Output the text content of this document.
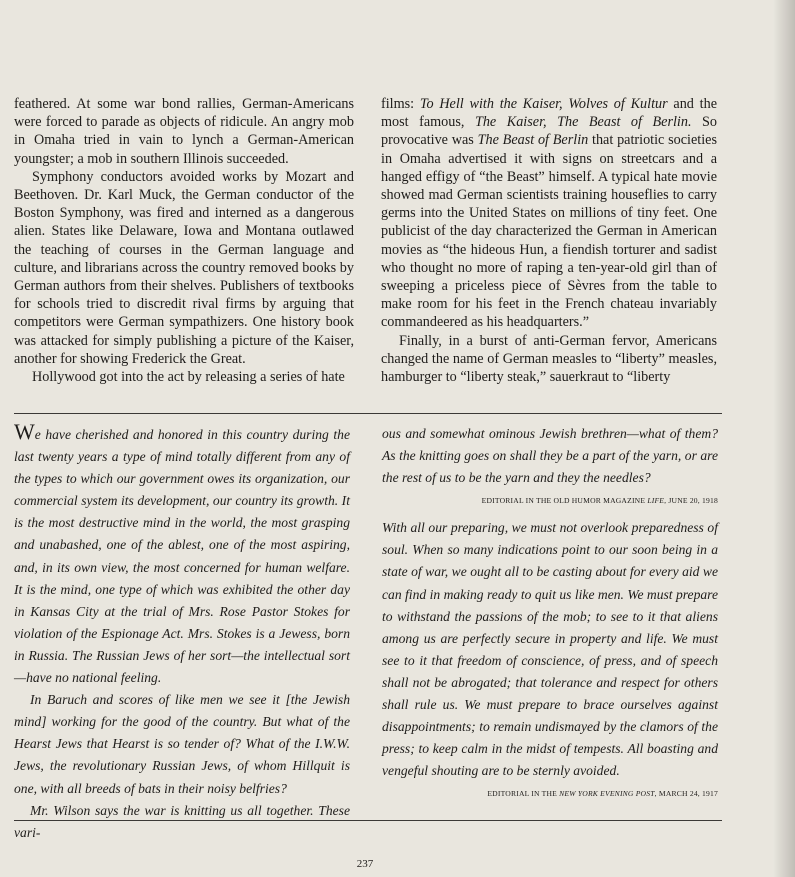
feathered. At some war bond rallies, German-Americans were forced to parade as objects of ridicule. An angry mob in Omaha tried in vain to lynch a German-American youngster; a mob in southern Illinois succeeded.

Symphony conductors avoided works by Mozart and Beethoven. Dr. Karl Muck, the German conductor of the Boston Symphony, was fired and interned as a dangerous alien. States like Delaware, Iowa and Montana outlawed the teaching of courses in the German language and culture, and librarians across the country removed books by German authors from their shelves. Publishers of textbooks for schools tried to discredit rival firms by arguing that competitors were German sympathizers. One history book was attacked for simply publishing a picture of the Kaiser, another for showing Frederick the Great.

Hollywood got into the act by releasing a series of hate

films: To Hell with the Kaiser, Wolves of Kultur and the most famous, The Kaiser, The Beast of Berlin. So provocative was The Beast of Berlin that patriotic societies in Omaha advertised it with signs on streetcars and a hanged effigy of “the Beast” himself. A typical hate movie showed mad German scientists training houseflies to carry germs into the United States on millions of tiny feet. One publicist of the day characterized the German in American movies as “the hideous Hun, a fiendish torturer and sadist who thought no more of raping a ten-year-old girl than of sweeping a priceless piece of Sèvres from the table to make room for his feet in the French chateau invariably commandeered as his headquarters.”

Finally, in a burst of anti-German fervor, Americans changed the name of German measles to “liberty” measles, hamburger to “liberty steak,” sauerkraut to “liberty

We have cherished and honored in this country during the last twenty years a type of mind totally different from any of the types to which our government owes its organization, our commercial system its development, our country its growth. It is the most destructive mind in the world, the most grasping and unabashed, one of the ablest, one of the most aspiring, and, in its own view, the most concerned for human welfare. It is the mind, one type of which was exhibited the other day in Kansas City at the trial of Mrs. Rose Pastor Stokes for violation of the Espionage Act. Mrs. Stokes is a Jewess, born in Russia. The Russian Jews of her sort—the intellectual sort—have no national feeling.

In Baruch and scores of like men we see it [the Jewish mind] working for the good of the country. But what of the Hearst Jews that Hearst is so tender of? What of the I.W.W. Jews, the revolutionary Russian Jews, of whom Hillquit is one, with all breeds of bats in their noisy belfries?

Mr. Wilson says the war is knitting us all together. These vari-

ous and somewhat ominous Jewish brethren—what of them? As the knitting goes on shall they be a part of the yarn, or are the rest of us to be the yarn and they the needles?

EDITORIAL IN THE OLD HUMOR MAGAZINE LIFE, JUNE 20, 1918

With all our preparing, we must not overlook preparedness of soul. When so many indications point to our soon being in a state of war, we ought all to be casting about for every aid we can find in making ready to quit us like men. We must prepare to withstand the passions of the mob; to see to it that aliens among us are perfectly secure in property and life. We must see to it that freedom of conscience, of press, and of speech shall not be abrogated; that tolerance and respect for others shall rule us. We must prepare to brace ourselves against disappointments; to remain undismayed by the clamors of the press; to keep calm in the midst of tempests. All boasting and vengeful shouting are to be sternly avoided.

EDITORIAL IN THE NEW YORK EVENING POST, MARCH 24, 1917
237
